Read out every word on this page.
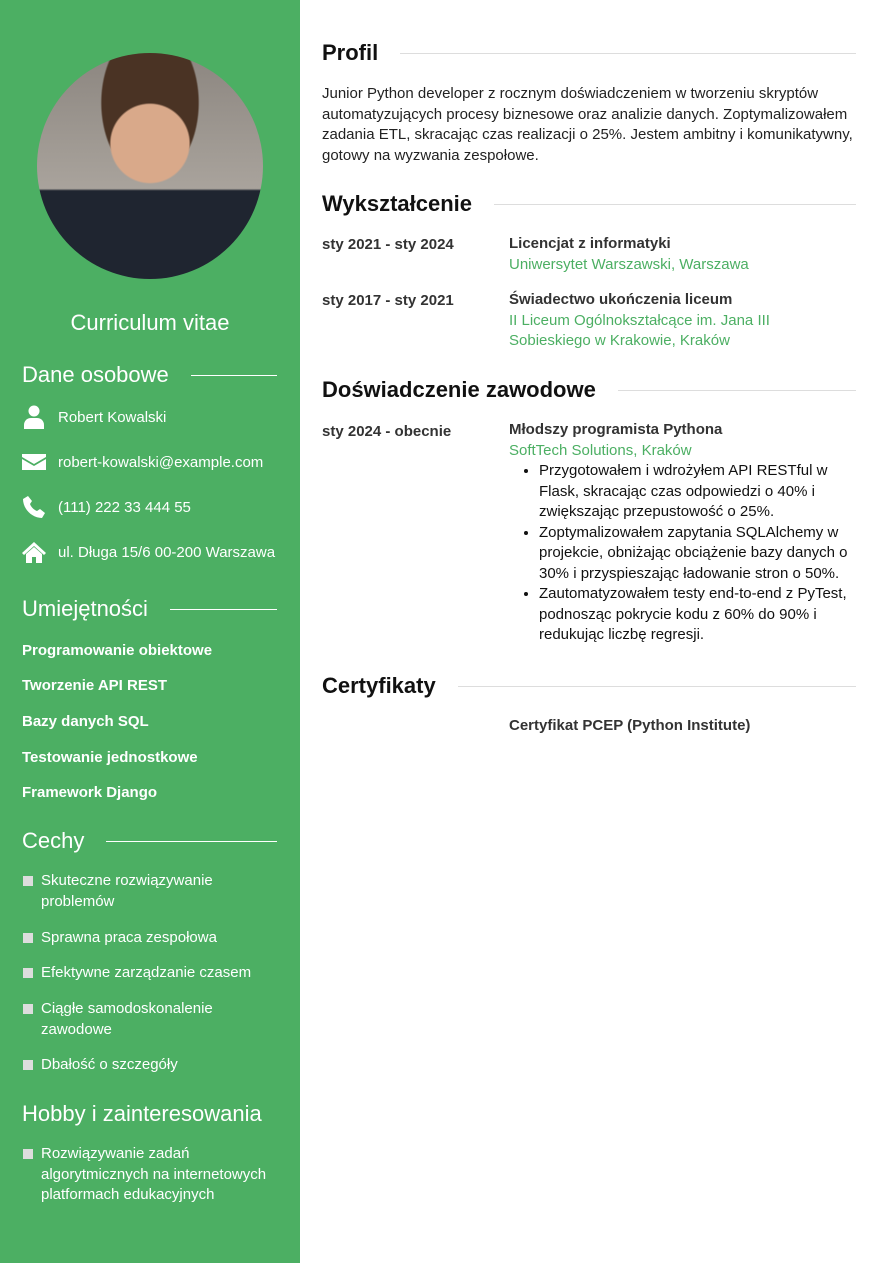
Curriculum vitae
Dane osobowe
Robert Kowalski
robert-kowalski@example.com
(111) 222 33 444 55
ul. Długa 15/6 00-200 Warszawa
Umiejętności
Programowanie obiektowe
Tworzenie API REST
Bazy danych SQL
Testowanie jednostkowe
Framework Django
Cechy
Skuteczne rozwiązywanie problemów
Sprawna praca zespołowa
Efektywne zarządzanie czasem
Ciągłe samodoskonalenie zawodowe
Dbałość o szczegóły
Hobby i zainteresowania
Rozwiązywanie zadań algorytmicznych na internetowych platformach edukacyjnych
Profil

Junior Python developer z rocznym doświadczeniem w tworzeniu skryptów automatyzujących procesy biznesowe oraz analizie danych. Zoptymalizowałem zadania ETL, skracając czas realizacji o 25%. Jestem ambitny i komunikatywny, gotowy na wyzwania zespołowe.

Wykształcenie
sty 2021 - sty 2024	Licencjat z informatyki
Uniwersytet Warszawski, Warszawa
sty 2017 - sty 2021	Świadectwo ukończenia liceum
II Liceum Ogólnokształcące im. Jana III Sobieskiego w Krakowie, Kraków
Doświadczenie zawodowe
sty 2024 - obecnie	Młodszy programista Pythona
SoftTech Solutions, Kraków
• Przygotowałem i wdrożyłem API RESTful w Flask, skracając czas odpowiedzi o 40% i zwiększając przepustowość o 25%.
• Zoptymalizowałem zapytania SQLAlchemy w projekcie, obniżając obciążenie bazy danych o 30% i przyspieszając ładowanie stron o 50%.
• Zautomatyzowałem testy end-to-end z PyTest, podnosząc pokrycie kodu z 60% do 90% i redukując liczbę regresji.
Certyfikaty
Certyfikat PCEP (Python Institute)
